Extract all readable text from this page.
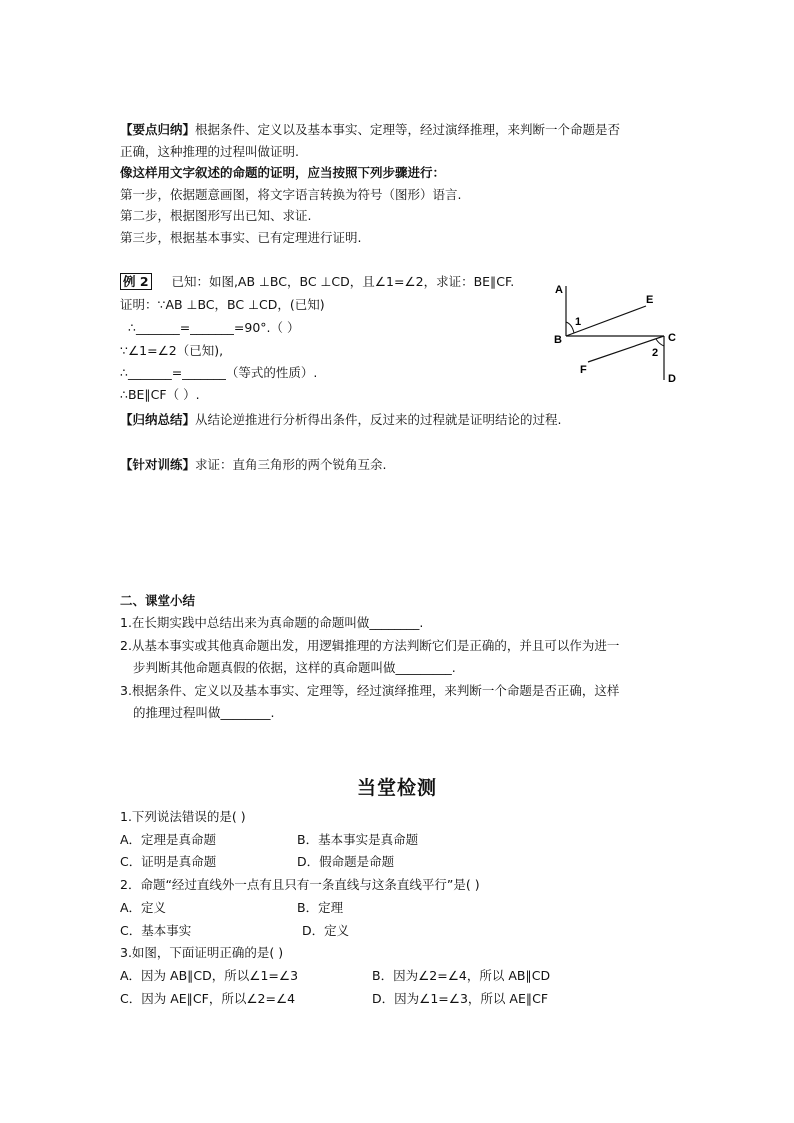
【要点归纳】根据条件、定义以及基本事实、定理等，经过演绎推理，来判断一个命题是否
正确，这种推理的过程叫做证明.
像这样用文字叙述的命题的证明，应当按照下列步骤进行：
第一步，依据题意画图，将文字语言转换为符号（图形）语言.
第二步，根据图形写出已知、求证.
第三步，根据基本事实、已有定理进行证明.
例 2 已知：如图,AB ⊥BC，BC ⊥CD，且∠1=∠2，求证：BE∥CF.
证明：∵AB ⊥BC，BC ⊥CD，(已知)
∴_______=_______=90°.（ ）
∵∠1=∠2（已知),
∴_______=_______（等式的性质）.
∴BE∥CF（ ）.
A
E
1
B	C
2
F
D
【归纳总结】从结论逆推进行分析得出条件，反过来的过程就是证明结论的过程.
【针对训练】求证：直角三角形的两个锐角互余.
二、课堂小结
1.在长期实践中总结出来为真命题的命题叫做________.
2.从基本事实或其他真命题出发，用逻辑推理的方法判断它们是正确的，并且可以作为进一
步判断其他命题真假的依据，这样的真命题叫做_________.
3.根据条件、定义以及基本事实、定理等，经过演绎推理，来判断一个命题是否正确，这样
的推理过程叫做________.
当堂检测
1.下列说法错误的是( )
A．定理是真命题	B．基本事实是真命题
C．证明是真命题	D．假命题是命题
2．命题“经过直线外一点有且只有一条直线与这条直线平行”是( )
A．定义	B．定理
C．基本事实	D．定义
3.如图，下面证明正确的是( )
A．因为 AB∥CD，所以∠1=∠3	B．因为∠2=∠4，所以 AB∥CD
C．因为 AE∥CF，所以∠2=∠4	D．因为∠1=∠3，所以 AE∥CF
